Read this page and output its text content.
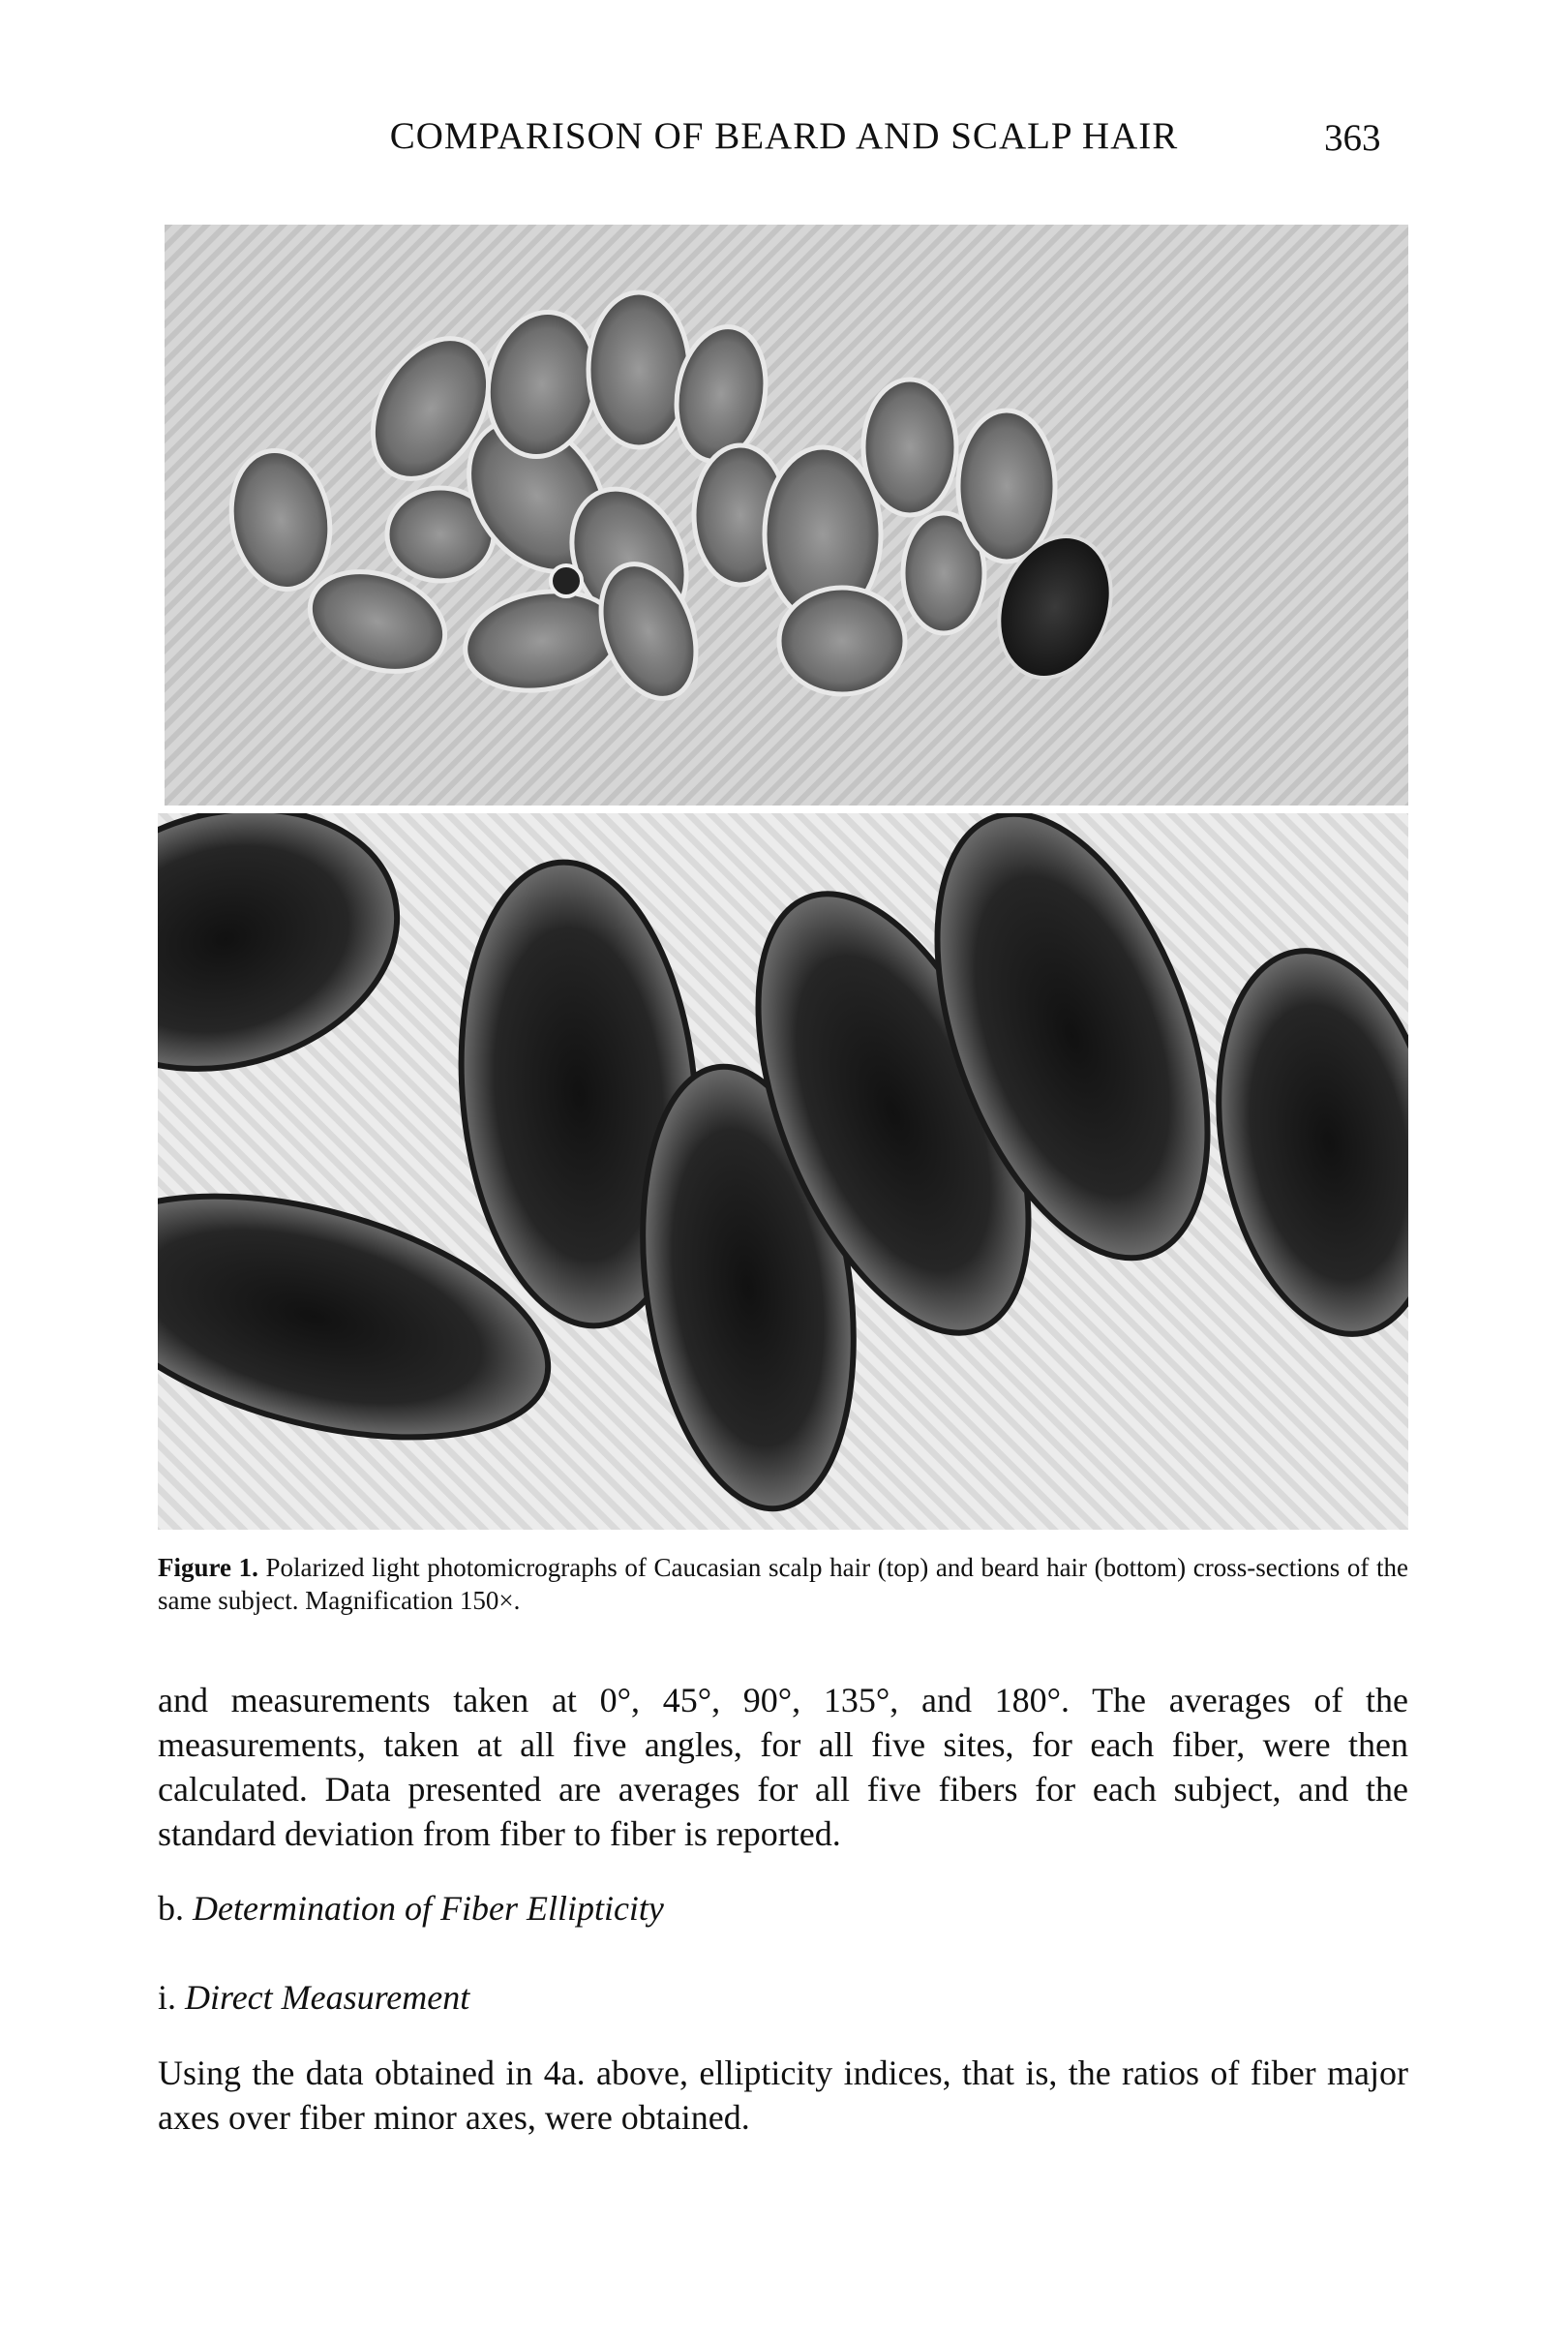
COMPARISON OF BEARD AND SCALP HAIR	363
Figure 1. Polarized light photomicrographs of Caucasian scalp hair (top) and beard hair (bottom) cross-sections of the same subject. Magnification 150×.
and measurements taken at 0°, 45°, 90°, 135°, and 180°. The averages of the measurements, taken at all five angles, for all five sites, for each fiber, were then calculated. Data presented are averages for all five fibers for each subject, and the standard deviation from fiber to fiber is reported.
b. Determination of Fiber Ellipticity
i. Direct Measurement
Using the data obtained in 4a. above, ellipticity indices, that is, the ratios of fiber major axes over fiber minor axes, were obtained.
